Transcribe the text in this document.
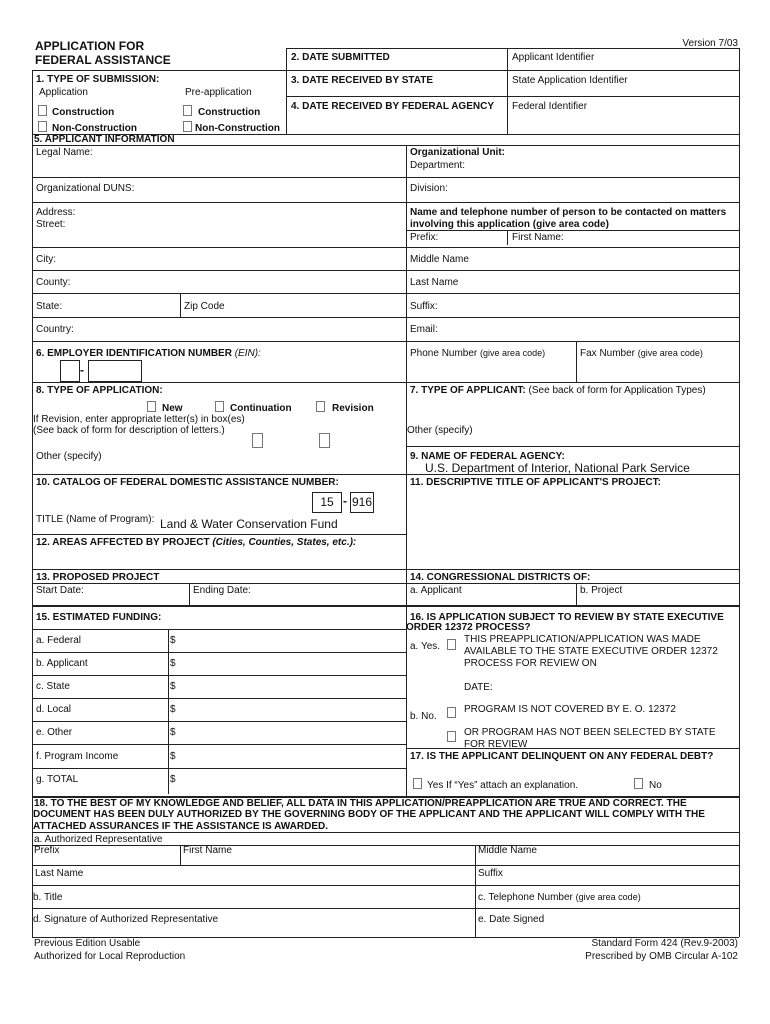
APPLICATION FOR
FEDERAL ASSISTANCE
Version 7/03
2. DATE SUBMITTED	Applicant Identifier
3. DATE RECEIVED BY STATE	State Application Identifier
4. DATE RECEIVED BY FEDERAL AGENCY Federal Identifier
1. TYPE OF SUBMISSION:
Application	Pre-application
Construction	Construction
Non-Construction	Non-Construction
5. APPLICANT INFORMATION
Legal Name:	Organizational Unit:
Department:
Organizational DUNS:	Division:
Address:
Street:
Name and telephone number of person to be contacted on matters
involving this application (give area code)
Prefix:	First Name:
City:	Middle Name
County:	Last Name
State:	Zip Code	Suffix:
Country:	Email:
6. EMPLOYER IDENTIFICATION NUMBER (EIN):
-
Phone Number (give area code)	Fax Number (give area code)
8. TYPE OF APPLICATION:	7. TYPE OF APPLICANT: (See back of form for Application Types)
New	Continuation	Revision
If Revision, enter appropriate letter(s) in box(es)
(See back of form for description of letters.)	Other (specify)
Other (specify)	9. NAME OF FEDERAL AGENCY:
U.S. Department of Interior, National Park Service
10. CATALOG OF FEDERAL DOMESTIC ASSISTANCE NUMBER:	11. DESCRIPTIVE TITLE OF APPLICANT'S PROJECT:
15 - 916
TITLE (Name of Program): Land & Water Conservation Fund
12. AREAS AFFECTED BY PROJECT (Cities, Counties, States, etc.):
13. PROPOSED PROJECT	14. CONGRESSIONAL DISTRICTS OF:
Start Date:	Ending Date:	a. Applicant	b. Project
15. ESTIMATED FUNDING:
a. Federal	$
b. Applicant	$
c. State	$
d. Local	$
e. Other	$
f. Program Income	$
g. TOTAL	$
16. IS APPLICATION SUBJECT TO REVIEW BY STATE EXECUTIVE
ORDER 12372 PROCESS?
a. Yes.
THIS PREAPPLICATION/APPLICATION WAS MADE
AVAILABLE TO THE STATE EXECUTIVE ORDER 12372
PROCESS FOR REVIEW ON
DATE:
b. No.
PROGRAM IS NOT COVERED BY E. O. 12372
OR PROGRAM HAS NOT BEEN SELECTED BY STATE
FOR REVIEW
17. IS THE APPLICANT DELINQUENT ON ANY FEDERAL DEBT?
Yes If “Yes” attach an explanation.	No
18. TO THE BEST OF MY KNOWLEDGE AND BELIEF, ALL DATA IN THIS APPLICATION/PREAPPLICATION ARE TRUE AND CORRECT. THE
DOCUMENT HAS BEEN DULY AUTHORIZED BY THE GOVERNING BODY OF THE APPLICANT AND THE APPLICANT WILL COMPLY WITH THE
ATTACHED ASSURANCES IF THE ASSISTANCE IS AWARDED.
a. Authorized Representative
Prefix	First Name	Middle Name
Last Name	Suffix
b. Title	c. Telephone Number (give area code)
d. Signature of Authorized Representative	e. Date Signed
Previous Edition Usable
Authorized for Local Reproduction
Standard Form 424 (Rev.9-2003)
Prescribed by OMB Circular A-102
